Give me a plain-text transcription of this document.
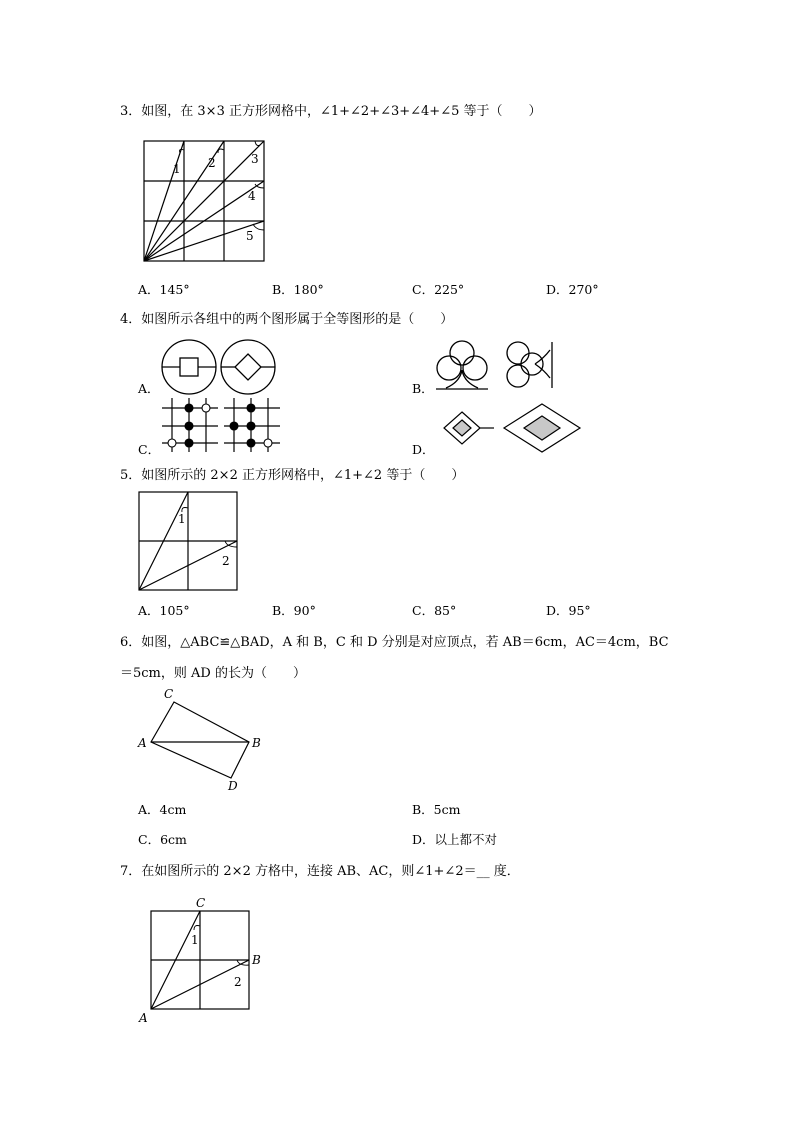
3．如图，在 3×3 正方形网格中，∠1+∠2+∠3+∠4+∠5 等于（　　）
1 2	3
4
5
A．145°	B．180°	C．225°	D．270°
4．如图所示各组中的两个图形属于全等图形的是（　　）
A．	B．
C．	D．
5．如图所示的 2×2 正方形网格中，∠1+∠2 等于（　　）
1
2
A．105°	B．90°	C．85°	D．95°
6．如图，△ABC≌△BAD，A 和 B，C 和 D 分别是对应顶点，若 AB＝6cm，AC＝4cm，BC
＝5cm，则 AD 的长为（　　）
C
A	B
D
A．4cm	B．5cm
C．6cm	D．以上都不对
7．在如图所示的 2×2 方格中，连接 AB、AC，则∠1+∠2＝__ 度．
C
B
A
1
2
